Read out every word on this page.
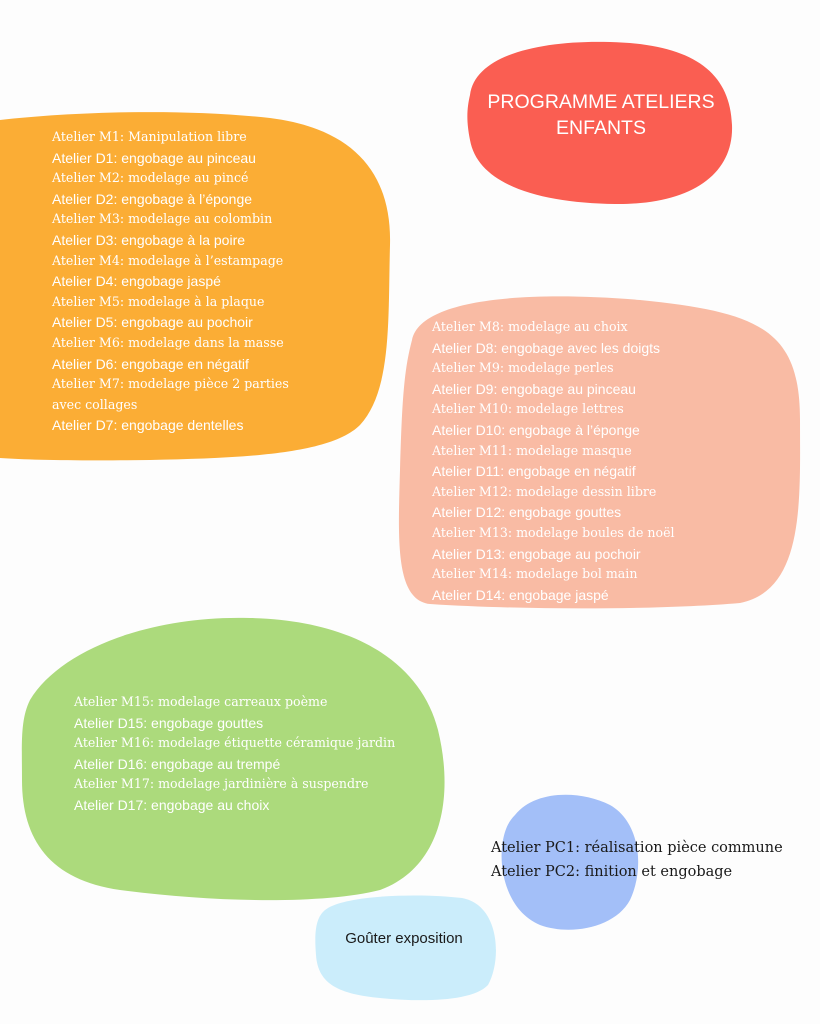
PROGRAMME ATELIERS ENFANTS
Atelier M1: Manipulation libre
Atelier D1: engobage au pinceau
Atelier M2: modelage au pincé
Atelier D2: engobage à l’éponge
Atelier M3: modelage au colombin
Atelier D3: engobage à la poire
Atelier M4: modelage à l’estampage
Atelier D4: engobage jaspé
Atelier M5: modelage à la plaque
Atelier D5: engobage au pochoir
Atelier M6: modelage dans la masse
Atelier D6: engobage en négatif
Atelier M7: modelage pièce 2 parties avec collages
Atelier D7: engobage dentelles
Atelier M8: modelage au choix
Atelier D8: engobage avec les doigts
Atelier M9: modelage perles
Atelier D9: engobage au pinceau
Atelier M10: modelage lettres
Atelier D10: engobage à l’éponge
Atelier M11: modelage masque
Atelier D11: engobage en négatif
Atelier M12: modelage dessin libre
Atelier D12: engobage gouttes
Atelier M13: modelage boules de noël
Atelier D13: engobage au pochoir
Atelier M14: modelage bol main
Atelier D14: engobage jaspé
Atelier M15: modelage carreaux poème
Atelier D15: engobage gouttes
Atelier M16: modelage étiquette céramique jardin
Atelier D16: engobage au trempé
Atelier M17: modelage jardinière à suspendre
Atelier D17: engobage au choix
Atelier PC1: réalisation pièce commune
Atelier PC2: finition et engobage
Goûter exposition
